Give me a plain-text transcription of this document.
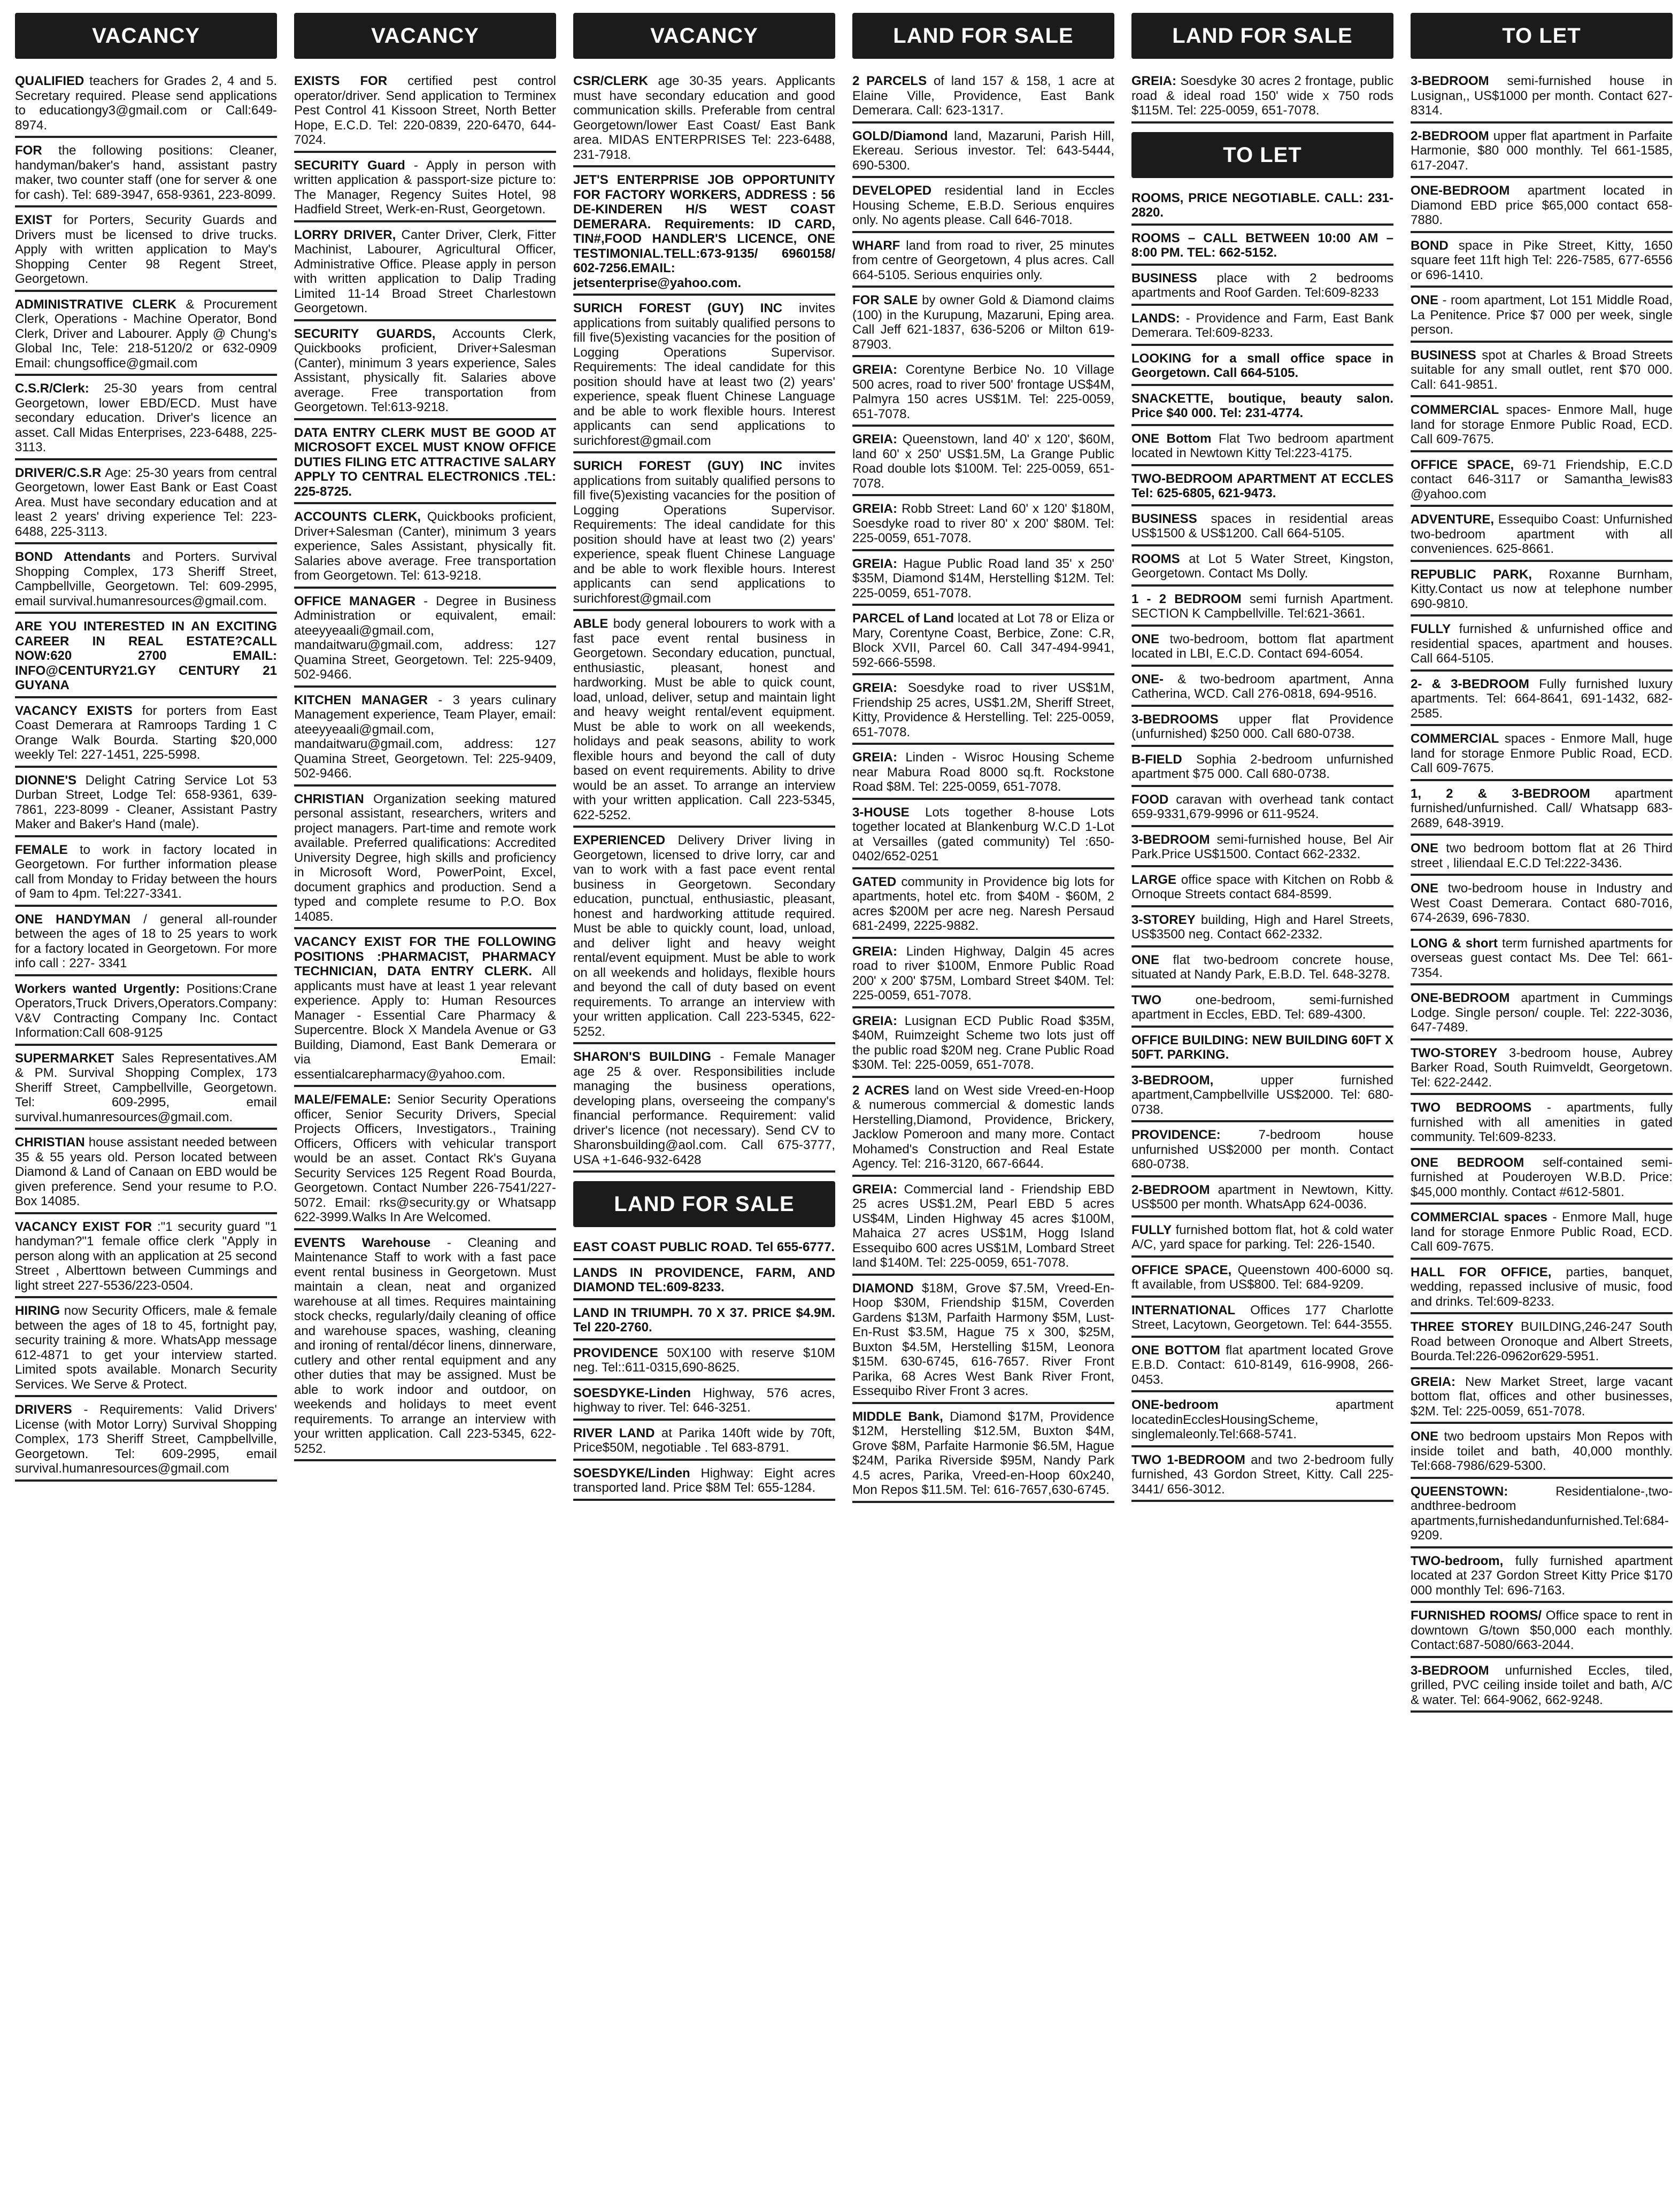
VACANCY
QUALIFIED teachers for Grades 2, 4 and 5. Secretary required. Please send applications to educationgy3@gmail.com or Call:649-8974.
FOR the following positions: Cleaner, handyman/baker's hand, assistant pastry maker, two counter staff (one for server & one for cash). Tel: 689-3947, 658-9361, 223-8099.
EXIST for Porters, Security Guards and Drivers must be licensed to drive trucks. Apply with written application to May's Shopping Center 98 Regent Street, Georgetown.
ADMINISTRATIVE CLERK & Procurement Clerk, Operations - Machine Operator, Bond Clerk, Driver and Labourer. Apply @ Chung's Global Inc, Tele: 218-5120/2 or 632-0909 Email: chungsoffice@gmail.com
C.S.R/Clerk: 25-30 years from central Georgetown, lower EBD/ECD. Must have secondary education. Driver's licence an asset. Call Midas Enterprises, 223-6488, 225-3113.
DRIVER/C.S.R Age: 25-30 years from central Georgetown, lower East Bank or East Coast Area. Must have secondary education and at least 2 years' driving experience Tel: 223-6488, 225-3113.
BOND Attendants and Porters. Survival Shopping Complex, 173 Sheriff Street, Campbellville, Georgetown. Tel: 609-2995, email survival.humanresources@gmail.com.
ARE YOU INTERESTED IN AN EXCITING CAREER IN REAL ESTATE?CALL NOW:620 2700 EMAIL: INFO@CENTURY21.GY CENTURY 21 GUYANA
VACANCY EXISTS for porters from East Coast Demerara at Ramroops Tarding 1 C Orange Walk Bourda. Starting $20,000 weekly Tel: 227-1451, 225-5998.
DIONNE'S Delight Catring Service Lot 53 Durban Street, Lodge Tel: 658-9361, 639-7861, 223-8099 - Cleaner, Assistant Pastry Maker and Baker's Hand (male).
FEMALE to work in factory located in Georgetown. For further information please call from Monday to Friday between the hours of 9am to 4pm. Tel:227-3341.
ONE HANDYMAN / general all-rounder between the ages of 18 to 25 years to work for a factory located in Georgetown. For more info call : 227- 3341
Workers wanted Urgently: Positions:Crane Operators,Truck Drivers,Operators.Company: V&V Contracting Company Inc. Contact Information:Call 608-9125
SUPERMARKET Sales Representatives.AM & PM. Survival Shopping Complex, 173 Sheriff Street, Campbellville, Georgetown. Tel: 609-2995, email survival.humanresources@gmail.com.
CHRISTIAN house assistant needed between 35 & 55 years old. Person located between Diamond & Land of Canaan on EBD would be given preference. Send your resume to P.O. Box 14085.
VACANCY EXIST FOR :"1 security guard "1 handyman?"1 female office clerk "Apply in person along with an application at 25 second Street , Alberttown between Cummings and light street 227-5536/223-0504.
HIRING now Security Officers, male & female between the ages of 18 to 45, fortnight pay, security training & more. WhatsApp message 612-4871 to get your interview started. Limited spots available. Monarch Security Services. We Serve & Protect.
DRIVERS - Requirements: Valid Drivers' License (with Motor Lorry) Survival Shopping Complex, 173 Sheriff Street, Campbellville, Georgetown. Tel: 609-2995, email survival.humanresources@gmail.com
VACANCY
EXISTS FOR certified pest control operator/driver. Send application to Terminex Pest Control 41 Kissoon Street, North Better Hope, E.C.D. Tel: 220-0839, 220-6470, 644-7024.
SECURITY Guard - Apply in person with written application & passport-size picture to: The Manager, Regency Suites Hotel, 98 Hadfield Street, Werk-en-Rust, Georgetown.
LORRY DRIVER, Canter Driver, Clerk, Fitter Machinist, Labourer, Agricultural Officer, Administrative Office. Please apply in person with written application to Dalip Trading Limited 11-14 Broad Street Charlestown Georgetown.
SECURITY GUARDS, Accounts Clerk, Quickbooks proficient, Driver+Salesman (Canter), minimum 3 years experience, Sales Assistant, physically fit. Salaries above average. Free transportation from Georgetown. Tel:613-9218.
DATA ENTRY CLERK MUST BE GOOD AT MICROSOFT EXCEL MUST KNOW OFFICE DUTIES FILING ETC ATTRACTIVE SALARY APPLY TO CENTRAL ELECTRONICS .TEL: 225-8725.
ACCOUNTS CLERK, Quickbooks proficient, Driver+Salesman (Canter), minimum 3 years experience, Sales Assistant, physically fit. Salaries above average. Free transportation from Georgetown. Tel: 613-9218.
OFFICE MANAGER - Degree in Business Administration or equivalent, email: ateeyyeaali@gmail.com, mandaitwaru@gmail.com, address: 127 Quamina Street, Georgetown. Tel: 225-9409, 502-9466.
KITCHEN MANAGER - 3 years culinary Management experience, Team Player, email: ateeyyeaali@gmail.com, mandaitwaru@gmail.com, address: 127 Quamina Street, Georgetown. Tel: 225-9409, 502-9466.
CHRISTIAN Organization seeking matured personal assistant, researchers, writers and project managers. Part-time and remote work available. Preferred qualifications: Accredited University Degree, high skills and proficiency in Microsoft Word, PowerPoint, Excel, document graphics and production. Send a typed and complete resume to P.O. Box 14085.
VACANCY EXIST FOR THE FOLLOWING POSITIONS :PHARMACIST, PHARMACY TECHNICIAN, DATA ENTRY CLERK. All applicants must have at least 1 year relevant experience. Apply to: Human Resources Manager - Essential Care Pharmacy & Supercentre. Block X Mandela Avenue or G3 Building, Diamond, East Bank Demerara or via Email: essentialcarepharmacy@yahoo.com.
MALE/FEMALE: Senior Security Operations officer, Senior Security Drivers, Special Projects Officers, Investigators., Training Officers, Officers with vehicular transport would be an asset. Contact Rk's Guyana Security Services 125 Regent Road Bourda, Georgetown. Contact Number 226-7541/227-5072. Email: rks@security.gy or Whatsapp 622-3999.Walks In Are Welcomed.
EVENTS Warehouse - Cleaning and Maintenance Staff to work with a fast pace event rental business in Georgetown. Must maintain a clean, neat and organized warehouse at all times. Requires maintaining stock checks, regularly/daily cleaning of office and warehouse spaces, washing, cleaning and ironing of rental/décor linens, dinnerware, cutlery and other rental equipment and any other duties that may be assigned. Must be able to work indoor and outdoor, on weekends and holidays to meet event requirements. To arrange an interview with your written application. Call 223-5345, 622-5252.
VACANCY
CSR/CLERK age 30-35 years. Applicants must have secondary education and good communication skills. Preferable from central Georgetown/lower East Coast/ East Bank area. MIDAS ENTERPRISES Tel: 223-6488, 231-7918.
JET'S ENTERPRISE JOB OPPORTUNITY FOR FACTORY WORKERS, ADDRESS : 56 DE-KINDEREN H/S WEST COAST DEMERARA. Requirements: ID CARD, TIN#,FOOD HANDLER'S LICENCE, ONE TESTIMONIAL.TELL:673-9135/ 6960158/ 602-7256.EMAIL: jetsenterprise@yahoo.com.
SURICH FOREST (GUY) INC invites applications from suitably qualified persons to fill five(5)existing vacancies for the position of Logging Operations Supervisor. Requirements: The ideal candidate for this position should have at least two (2) years' experience, speak fluent Chinese Language and be able to work flexible hours. Interest applicants can send applications to surichforest@gmail.com
SURICH FOREST (GUY) INC invites applications from suitably qualified persons to fill five(5)existing vacancies for the position of Logging Operations Supervisor. Requirements: The ideal candidate for this position should have at least two (2) years' experience, speak fluent Chinese Language and be able to work flexible hours. Interest applicants can send applications to surichforest@gmail.com
ABLE body general lobourers to work with a fast pace event rental business in Georgetown. Secondary education, punctual, enthusiastic, pleasant, honest and hardworking. Must be able to quick count, load, unload, deliver, setup and maintain light and heavy weight rental/event equipment. Must be able to work on all weekends, holidays and peak seasons, ability to work flexible hours and beyond the call of duty based on event requirements. Ability to drive would be an asset. To arrange an interview with your written application. Call 223-5345, 622-5252.
EXPERIENCED Delivery Driver living in Georgetown, licensed to drive lorry, car and van to work with a fast pace event rental business in Georgetown. Secondary education, punctual, enthusiastic, pleasant, honest and hardworking attitude required. Must be able to quickly count, load, unload, and deliver light and heavy weight rental/event equipment. Must be able to work on all weekends and holidays, flexible hours and beyond the call of duty based on event requirements. To arrange an interview with your written application. Call 223-5345, 622-5252.
SHARON'S BUILDING - Female Manager age 25 & over. Responsibilities include managing the business operations, developing plans, overseeing the company's financial performance. Requirement: valid driver's licence (not necessary). Send CV to Sharonsbuilding@aol.com. Call 675-3777, USA +1-646-932-6428
LAND FOR SALE
EAST COAST PUBLIC ROAD. Tel 655-6777.
LANDS IN PROVIDENCE, FARM, AND DIAMOND TEL:609-8233.
LAND IN TRIUMPH. 70 X 37. PRICE $4.9M. Tel 220-2760.
PROVIDENCE 50X100 with reserve $10M neg. Tel::611-0315,690-8625.
SOESDYKE-Linden Highway, 576 acres, highway to river. Tel: 646-3251.
RIVER LAND at Parika 140ft wide by 70ft, Price$50M, negotiable . Tel 683-8791.
SOESDYKE/Linden Highway: Eight acres transported land. Price $8M Tel: 655-1284.
LAND FOR SALE
2 PARCELS of land 157 & 158, 1 acre at Elaine Ville, Providence, East Bank Demerara. Call: 623-1317.
GOLD/Diamond land, Mazaruni, Parish Hill, Ekereau. Serious investor. Tel: 643-5444, 690-5300.
DEVELOPED residential land in Eccles Housing Scheme, E.B.D. Serious enquires only. No agents please. Call 646-7018.
WHARF land from road to river, 25 minutes from centre of Georgetown, 4 plus acres. Call 664-5105. Serious enquiries only.
FOR SALE by owner Gold & Diamond claims (100) in the Kurupung, Mazaruni, Eping area. Call Jeff 621-1837, 636-5206 or Milton 619-87903.
GREIA: Corentyne Berbice No. 10 Village 500 acres, road to river 500' frontage US$4M, Palmyra 150 acres US$1M. Tel: 225-0059, 651-7078.
GREIA: Queenstown, land 40' x 120', $60M, land 60' x 250' US$1.5M, La Grange Public Road double lots $100M. Tel: 225-0059, 651-7078.
GREIA: Robb Street: Land 60' x 120' $180M, Soesdyke road to river 80' x 200' $80M. Tel: 225-0059, 651-7078.
GREIA: Hague Public Road land 35' x 250' $35M, Diamond $14M, Herstelling $12M. Tel: 225-0059, 651-7078.
PARCEL of Land located at Lot 78 or Eliza or Mary, Corentyne Coast, Berbice, Zone: C.R, Block XVII, Parcel 60. Call 347-494-9941, 592-666-5598.
GREIA: Soesdyke road to river US$1M, Friendship 25 acres, US$1.2M, Sheriff Street, Kitty, Providence & Herstelling. Tel: 225-0059, 651-7078.
GREIA: Linden - Wisroc Housing Scheme near Mabura Road 8000 sq.ft. Rockstone Road $8M. Tel: 225-0059, 651-7078.
3-HOUSE Lots together 8-house Lots together located at Blankenburg W.C.D 1-Lot at Versailles (gated community) Tel :650-0402/652-0251
GATED community in Providence big lots for apartments, hotel etc. from $40M - $60M, 2 acres $200M per acre neg. Naresh Persaud 681-2499, 2225-9882.
GREIA: Linden Highway, Dalgin 45 acres road to river $100M, Enmore Public Road 200' x 200' $75M, Lombard Street $40M. Tel: 225-0059, 651-7078.
GREIA: Lusignan ECD Public Road $35M, $40M, Ruimzeight Scheme two lots just off the public road $20M neg. Crane Public Road $30M. Tel: 225-0059, 651-7078.
2 ACRES land on West side Vreed-en-Hoop & numerous commercial & domestic lands Herstelling,Diamond, Providence, Brickery, Jacklow Pomeroon and many more. Contact Mohamed's Construction and Real Estate Agency. Tel: 216-3120, 667-6644.
GREIA: Commercial land - Friendship EBD 25 acres US$1.2M, Pearl EBD 5 acres US$4M, Linden Highway 45 acres $100M, Mahaica 27 acres US$1M, Hogg Island Essequibo 600 acres US$1M, Lombard Street land $140M. Tel: 225-0059, 651-7078.
DIAMOND $18M, Grove $7.5M, Vreed-En-Hoop $30M, Friendship $15M, Coverden Gardens $13M, Parfaith Harmony $5M, Lust-En-Rust $3.5M, Hague 75 x 300, $25M, Buxton $4.5M, Herstelling $15M, Leonora $15M. 630-6745, 616-7657. River Front Parika, 68 Acres West Bank River Front, Essequibo River Front 3 acres.
MIDDLE Bank, Diamond $17M, Providence $12M, Herstelling $12.5M, Buxton $4M, Grove $8M, Parfaite Harmonie $6.5M, Hague $24M, Parika Riverside $95M, Nandy Park 4.5 acres, Parika, Vreed-en-Hoop 60x240, Mon Repos $11.5M. Tel: 616-7657,630-6745.
LAND FOR SALE
GREIA: Soesdyke 30 acres 2 frontage, public road & ideal road 150' wide x 750 rods $115M. Tel: 225-0059, 651-7078.
TO LET
ROOMS, PRICE NEGOTIABLE. CALL: 231-2820.
ROOMS – CALL BETWEEN 10:00 AM – 8:00 PM. TEL: 662-5152.
BUSINESS place with 2 bedrooms apartments and Roof Garden. Tel:609-8233
LANDS: - Providence and Farm, East Bank Demerara. Tel:609-8233.
LOOKING for a small office space in Georgetown. Call 664-5105.
SNACKETTE, boutique, beauty salon. Price $40 000. Tel: 231-4774.
ONE Bottom Flat Two bedroom apartment located in Newtown Kitty Tel:223-4175.
TWO-BEDROOM APARTMENT AT ECCLES Tel: 625-6805, 621-9473.
BUSINESS spaces in residential areas US$1500 & US$1200. Call 664-5105.
ROOMS at Lot 5 Water Street, Kingston, Georgetown. Contact Ms Dolly.
1 - 2 BEDROOM semi furnish Apartment. SECTION K Campbellville. Tel:621-3661.
ONE two-bedroom, bottom flat apartment located in LBI, E.C.D. Contact 694-6054.
ONE- & two-bedroom apartment, Anna Catherina, WCD. Call 276-0818, 694-9516.
3-BEDROOMS upper flat Providence (unfurnished) $250 000. Call 680-0738.
B-FIELD Sophia 2-bedroom unfurnished apartment $75 000. Call 680-0738.
FOOD caravan with overhead tank contact 659-9331,679-9996 or 611-9524.
3-BEDROOM semi-furnished house, Bel Air Park.Price US$1500. Contact 662-2332.
LARGE office space with Kitchen on Robb & Ornoque Streets contact 684-8599.
3-STOREY building, High and Harel Streets, US$3500 neg. Contact 662-2332.
ONE flat two-bedroom concrete house, situated at Nandy Park, E.B.D. Tel. 648-3278.
TWO	one-bedroom, semi-furnished apartment in Eccles, EBD. Tel: 689-4300.
OFFICE BUILDING: NEW BUILDING 60FT X 50FT. PARKING.
3-BEDROOM,	upper furnished apartment,Campbellville US$2000. Tel: 680-0738.
PROVIDENCE:	7-bedroom house unfurnished US$2000 per month. Contact 680-0738.
2-BEDROOM apartment in Newtown, Kitty. US$500 per month. WhatsApp 624-0036.
FULLY furnished bottom flat, hot & cold water A/C, yard space for parking. Tel: 226-1540.
OFFICE SPACE, Queenstown 400-6000 sq. ft available, from US$800. Tel: 684-9209.
INTERNATIONAL Offices 177 Charlotte Street, Lacytown, Georgetown. Tel: 644-3555.
ONE BOTTOM flat apartment located Grove E.B.D. Contact: 610-8149, 616-9908, 266-0453.
ONE-bedroom	apartment locatedinEcclesHousingScheme, singlemaleonly.Tel:668-5741.
TWO 1-BEDROOM and two 2-bedroom fully furnished, 43 Gordon Street, Kitty. Call 225- 3441/ 656-3012.
TO LET
3-BEDROOM semi-furnished house in Lusignan,, US$1000 per month. Contact 627-8314.
2-BEDROOM upper flat apartment in Parfaite Harmonie, $80 000 monthly. Tel 661-1585, 617-2047.
ONE-BEDROOM apartment located in Diamond EBD price $65,000 contact 658-7880.
BOND space in Pike Street, Kitty, 1650 square feet 11ft high Tel: 226-7585, 677-6556 or 696-1410.
ONE - room apartment, Lot 151 Middle Road, La Penitence. Price $7 000 per week, single person.
BUSINESS spot at Charles & Broad Streets suitable for any small outlet, rent $70 000. Call: 641-9851.
COMMERCIAL spaces- Enmore Mall, huge land for storage Enmore Public Road, ECD. Call 609-7675.
OFFICE SPACE, 69-71 Friendship, E.C.D contact 646-3117 or Samantha_lewis83 @yahoo.com
ADVENTURE, Essequibo Coast: Unfurnished two-bedroom apartment with all conveniences. 625-8661.
REPUBLIC PARK, Roxanne Burnham, Kitty.Contact us now at telephone number 690-9810.
FULLY furnished & unfurnished office and residential spaces, apartment and houses. Call 664-5105.
2- & 3-BEDROOM Fully furnished luxury apartments. Tel: 664-8641, 691-1432, 682-2585.
COMMERCIAL spaces - Enmore Mall, huge land for storage Enmore Public Road, ECD. Call 609-7675.
1, 2 & 3-BEDROOM apartment furnished/unfurnished. Call/ Whatsapp 683-2689, 648-3919.
ONE two bedroom bottom flat at 26 Third street , liliendaal E.C.D Tel:222-3436.
ONE two-bedroom house in Industry and West Coast Demerara. Contact 680-7016, 674-2639, 696-7830.
LONG & short term furnished apartments for overseas guest contact Ms. Dee Tel: 661-7354.
ONE-BEDROOM apartment in Cummings Lodge. Single person/ couple. Tel: 222-3036, 647-7489.
TWO-STOREY 3-bedroom house, Aubrey Barker Road, South Ruimveldt, Georgetown. Tel: 622-2442.
TWO BEDROOMS - apartments, fully furnished with all amenities in gated community. Tel:609-8233.
ONE BEDROOM self-contained semi-furnished at Pouderoyen W.B.D. Price: $45,000 monthly. Contact #612-5801.
COMMERCIAL spaces - Enmore Mall, huge land for storage Enmore Public Road, ECD. Call 609-7675.
HALL FOR OFFICE, parties, banquet, wedding, repassed inclusive of music, food and drinks. Tel:609-8233.
THREE STOREY BUILDING,246-247 South Road between Oronoque and Albert Streets, Bourda.Tel:226-0962or629-5951.
GREIA: New Market Street, large vacant bottom flat, offices and other businesses, $2M. Tel: 225-0059, 651-7078.
ONE two bedroom upstairs Mon Repos with inside toilet and bath, 40,000 monthly. Tel:668-7986/629-5300.
QUEENSTOWN:	Residentialone-,two-andthree-bedroom apartments,furnishedandunfurnished.Tel:684-9209.
TWO-bedroom, fully furnished apartment located at 237 Gordon Street Kitty Price $170 000 monthly Tel: 696-7163.
FURNISHED ROOMS/ Office space to rent in downtown G/town $50,000 each monthly. Contact:687-5080/663-2044.
3-BEDROOM unfurnished Eccles, tiled, grilled, PVC ceiling inside toilet and bath, A/C & water. Tel: 664-9062, 662-9248.
